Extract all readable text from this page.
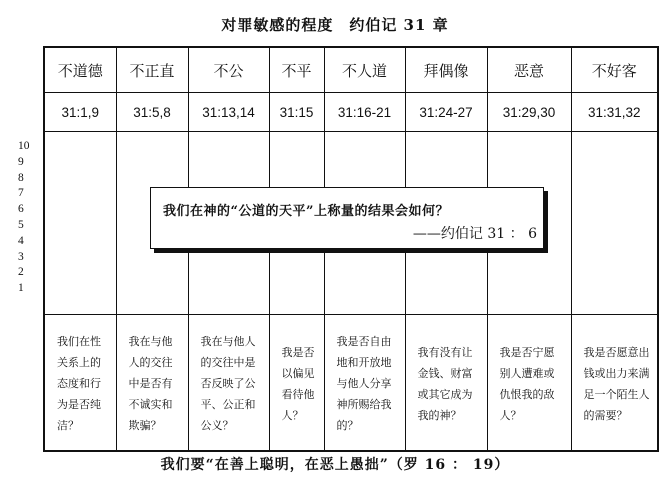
对罪敏感的程度　约伯记 31 章
10
9
8
7
6
5
4
3
2
1
不道德	不正直	不公	不平	不人道	拜偶像	恶意	不好客
31:1,9	31:5,8	31:13,14	31:15	31:16-21	31:24-27	31:29,30	31:31,32

我们在性关系上的态度和行为是否纯洁？	我在与他人的交往中是否有不诚实和欺骗？	我在与他人的交往中是否反映了公平、公正和公义？	我是否以偏见看待他人？	我是否自由地和开放地与他人分享神所赐给我的？	我有没有让金钱、财富或其它成为我的神？	我是否宁愿别人遭难或仇恨我的敌人？	我是否愿意出钱或出力来满足一个陌生人的需要？
我们在神的“公道的天平”上称量的结果会如何？
——约伯记 31 ： 6
我们要“在善上聪明，在恶上愚拙”（罗 16 ： 19）
